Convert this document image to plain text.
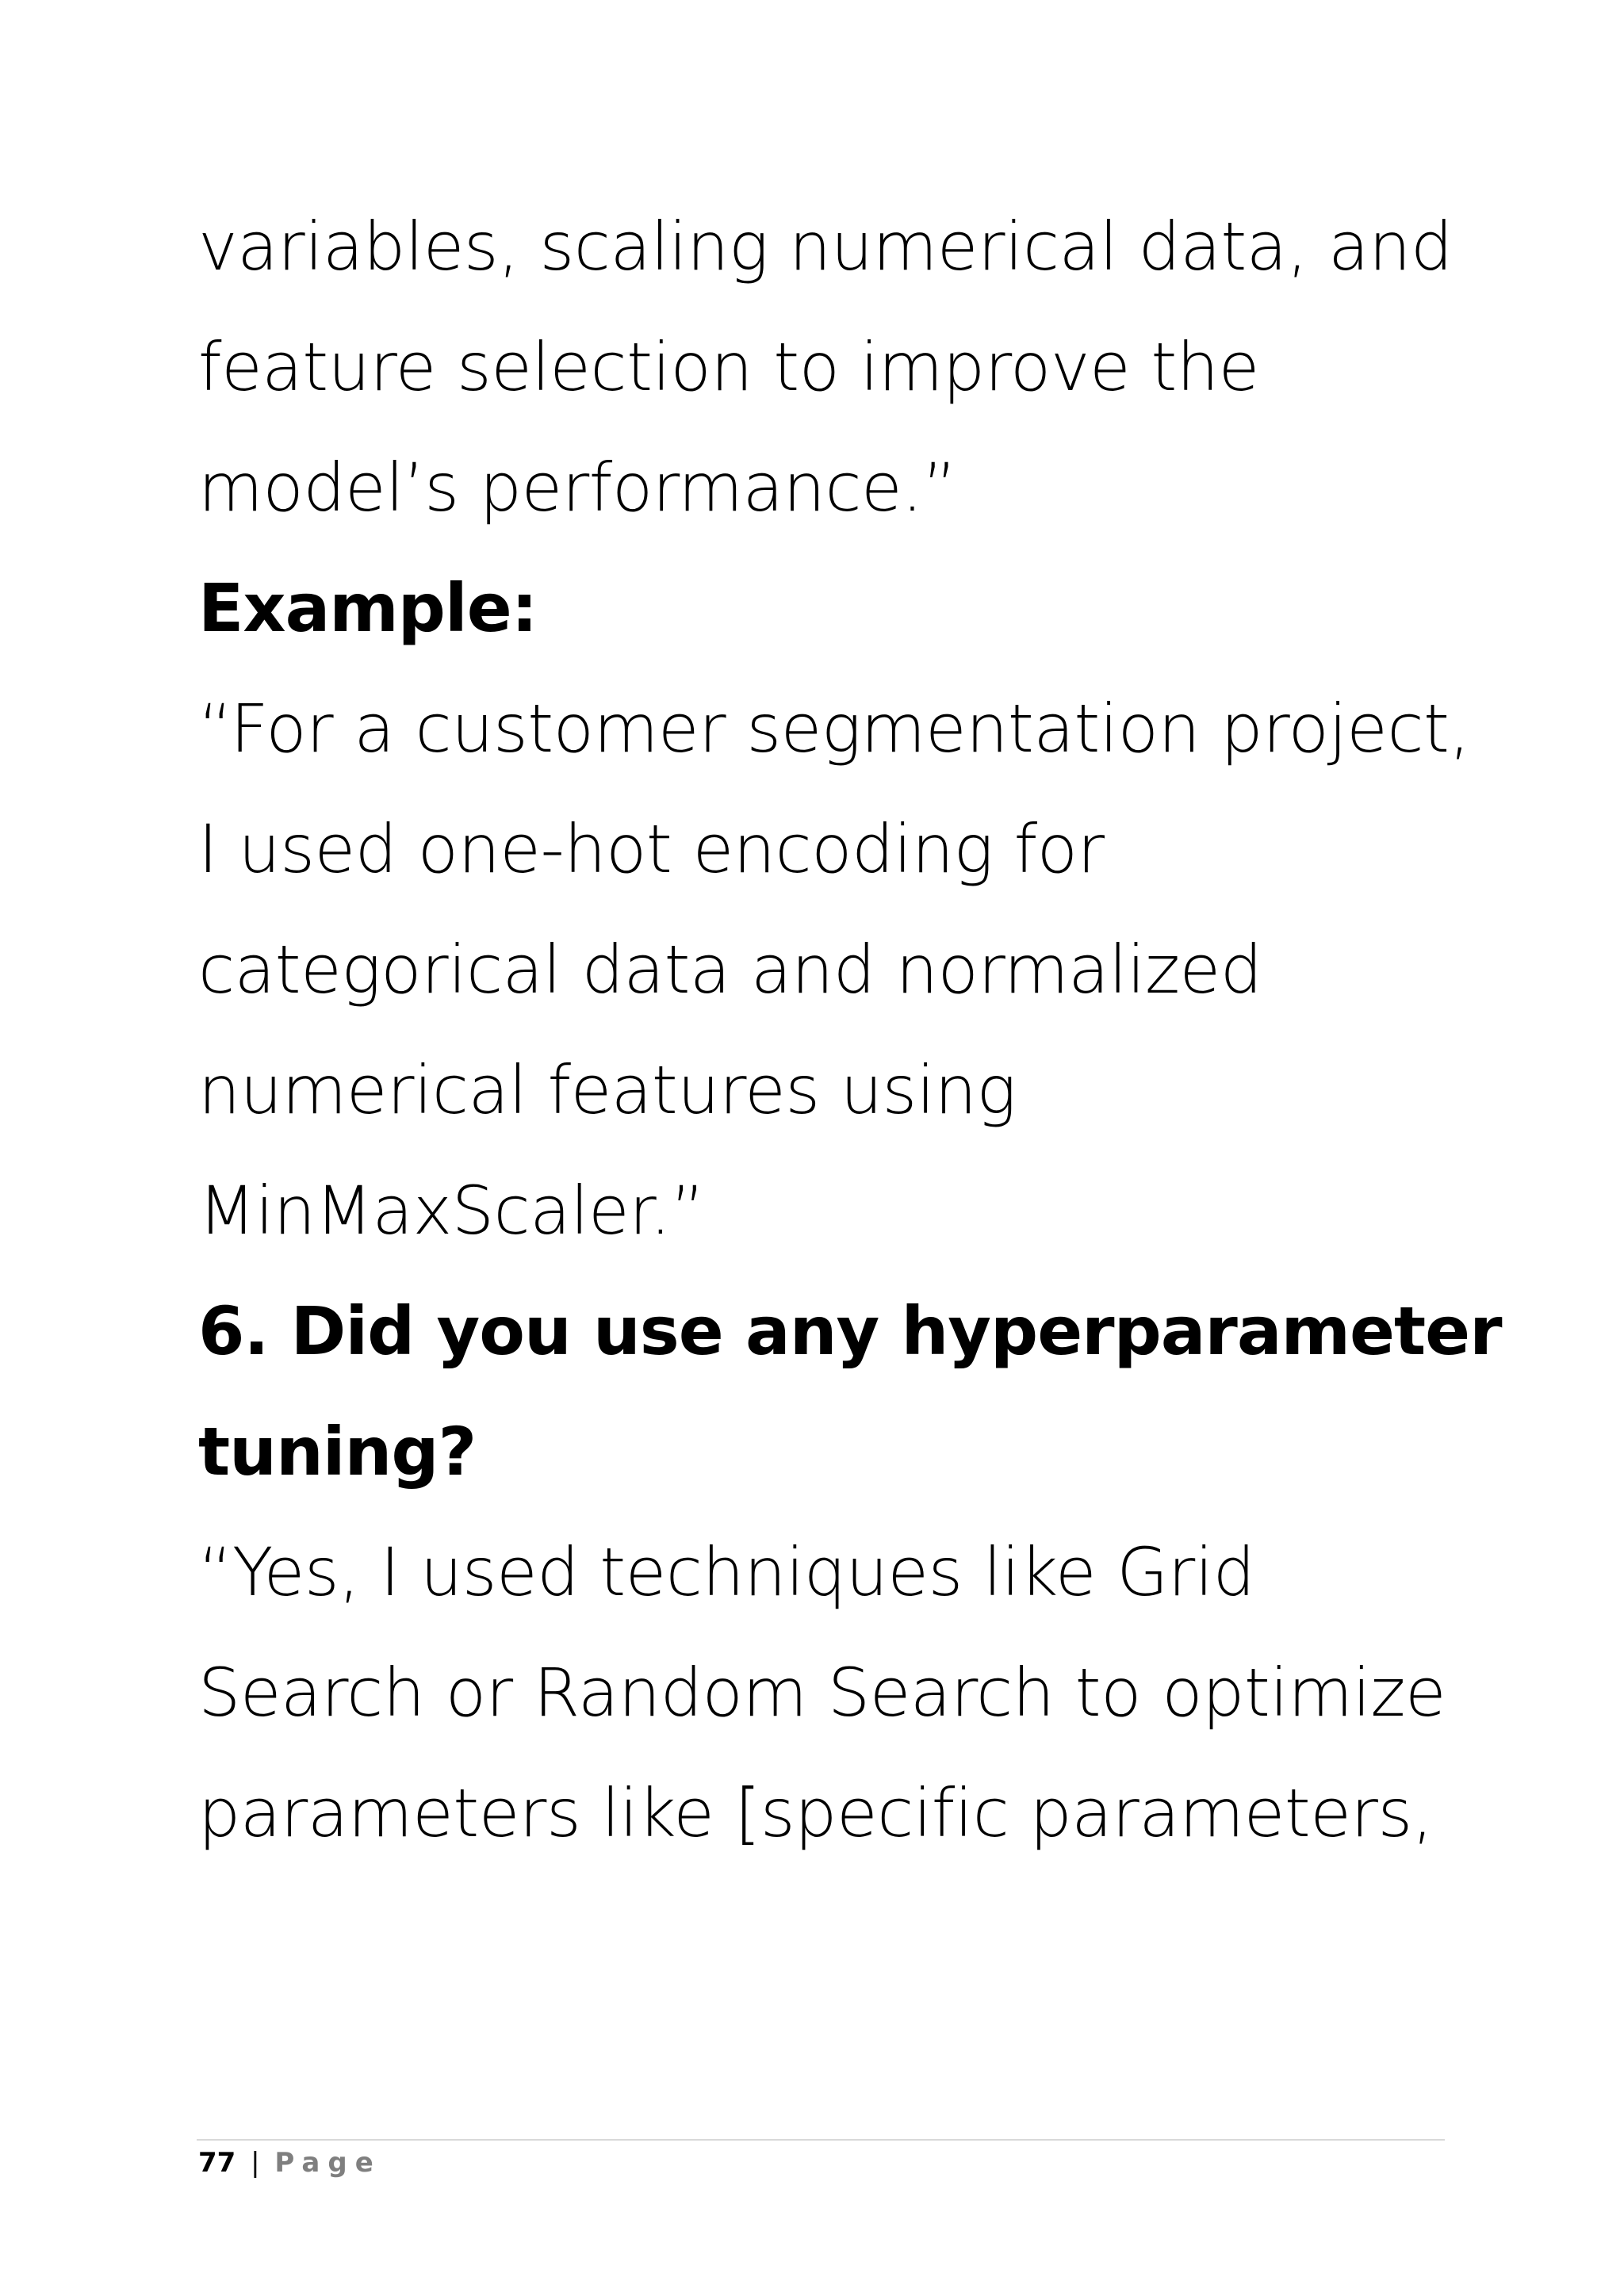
variables, scaling numerical data, and
feature selection to improve the
model’s performance.”
Example:
“For a customer segmentation project,
I used one-hot encoding for
categorical data and normalized
numerical features using
MinMaxScaler.”
6. Did you use any hyperparameter
tuning?
“Yes, I used techniques like Grid
Search or Random Search to optimize
parameters like [specific parameters,
77 | Page
